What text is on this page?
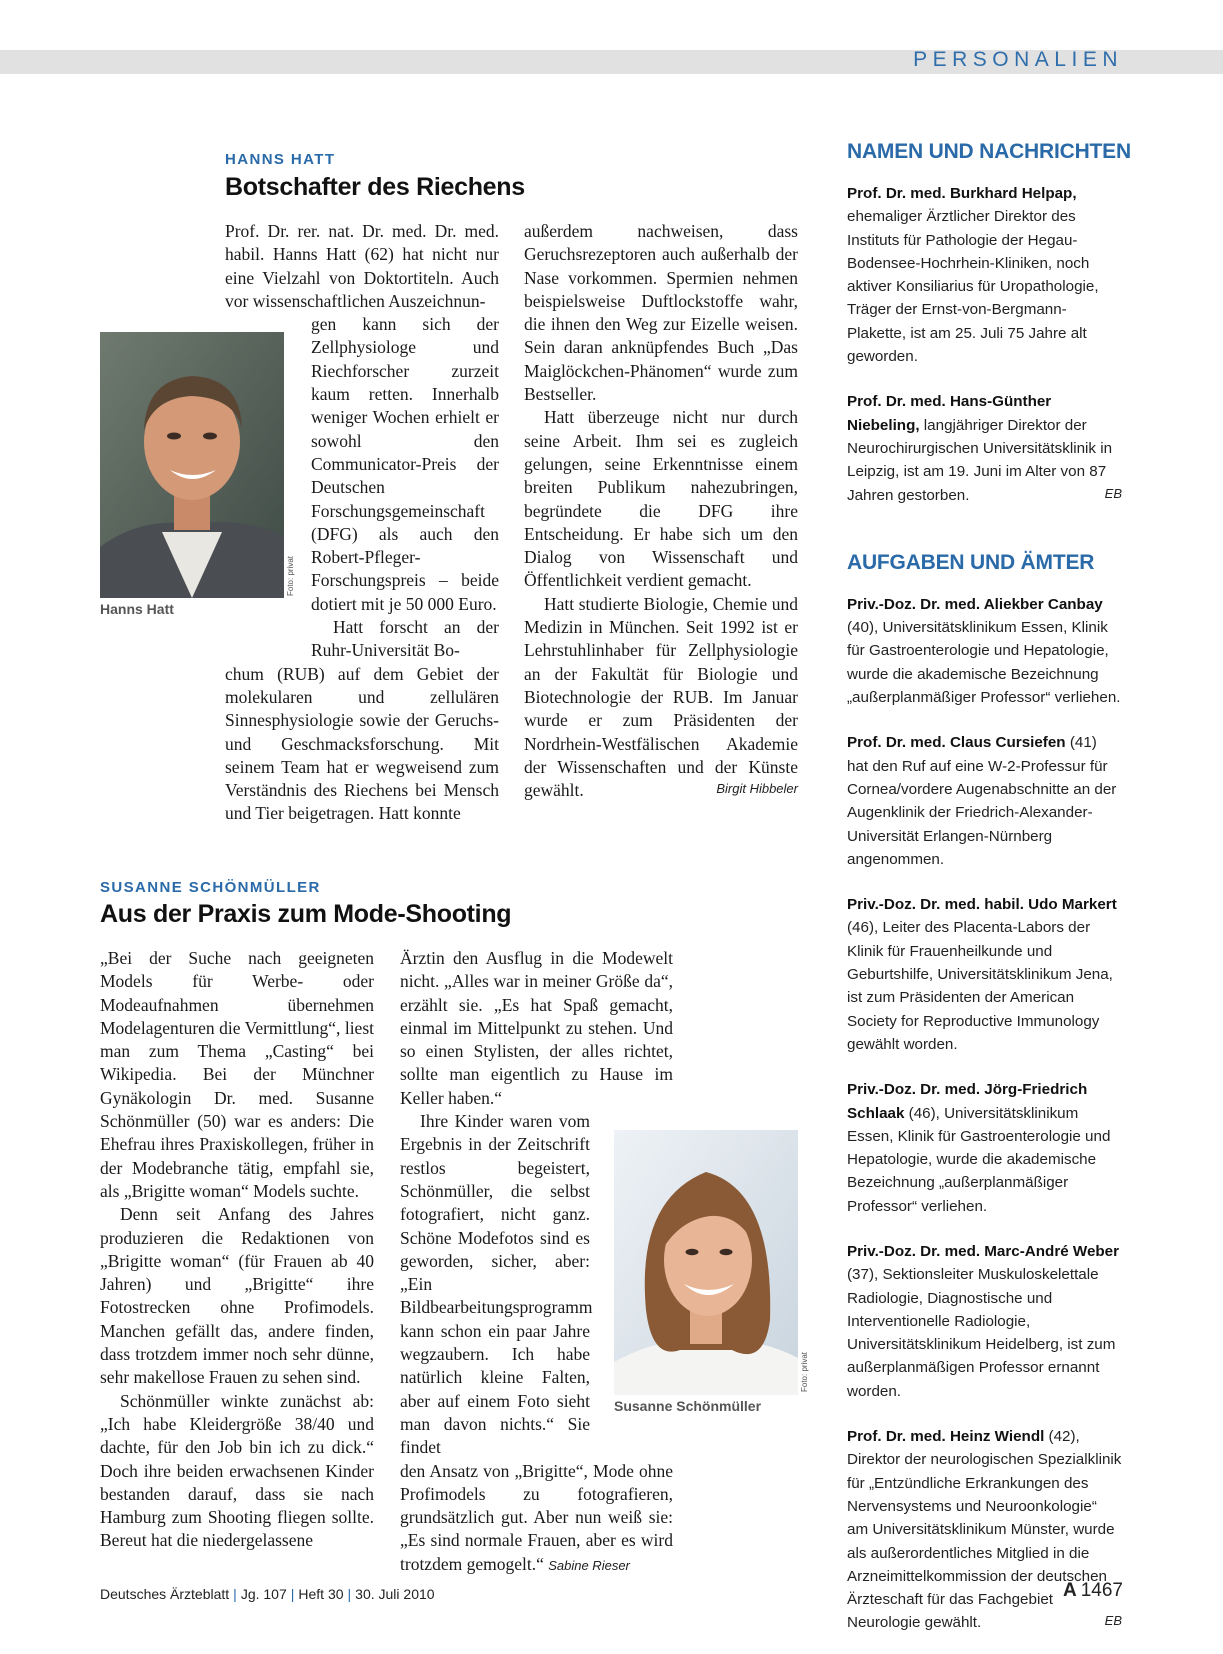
PERSONALIEN
HANNS HATT
Botschafter des Riechens

Prof. Dr. rer. nat. Dr. med. Dr. med. habil. Hanns Hatt (62) hat nicht nur eine Vielzahl von Doktortiteln. Auch vor wissenschaftlichen Auszeichnun-

gen kann sich der Zellphysiologe und Riechforscher zurzeit kaum retten. Innerhalb weniger Wochen erhielt er sowohl den Communicator-Preis der Deutschen Forschungsgemeinschaft (DFG) als auch den Robert-Pfleger-Forschungspreis – beide dotiert mit je 50 000 Euro.

Hatt forscht an der Ruhr-Universität Bo-

chum (RUB) auf dem Gebiet der molekularen und zellulären Sinnesphysiologie sowie der Geruchs- und Geschmacksforschung. Mit seinem Team hat er wegweisend zum Verständnis des Riechens bei Mensch und Tier beigetragen. Hatt konnte

außerdem nachweisen, dass Geruchsrezeptoren auch außerhalb der Nase vorkommen. Spermien nehmen beispielsweise Duftlockstoffe wahr, die ihnen den Weg zur Eizelle weisen. Sein daran anknüpfendes Buch „Das Maiglöckchen-Phänomen“ wurde zum Bestseller.

Hatt überzeuge nicht nur durch seine Arbeit. Ihm sei es zugleich gelungen, seine Erkenntnisse einem breiten Publikum nahezubringen, begründete die DFG ihre Entscheidung. Er habe sich um den Dialog von Wissenschaft und Öffentlichkeit verdient gemacht.

Hatt studierte Biologie, Chemie und Medizin in München. Seit 1992 ist er Lehrstuhlinhaber für Zellphysiologie an der Fakultät für Biologie und Biotechnologie der RUB. Im Januar wurde er zum Präsidenten der Nordrhein-Westfälischen Akademie der Wissenschaften und der Künste gewählt.	Birgit Hibbeler

Foto: privat
Hanns Hatt
SUSANNE SCHÖNMÜLLER
Aus der Praxis zum Mode-Shooting

„Bei der Suche nach geeigneten Models für Werbe- oder Modeaufnahmen übernehmen Modelagenturen die Vermittlung“, liest man zum Thema „Casting“ bei Wikipedia. Bei der Münchner Gynäkologin Dr. med. Susanne Schönmüller (50) war es anders: Die Ehefrau ihres Praxiskollegen, früher in der Modebranche tätig, empfahl sie, als „Brigitte woman“ Models suchte.

Denn seit Anfang des Jahres produzieren die Redaktionen von „Brigitte woman“ (für Frauen ab 40 Jahren) und „Brigitte“ ihre Fotostrecken ohne Profimodels. Manchen gefällt das, andere finden, dass trotzdem immer noch sehr dünne, sehr makellose Frauen zu sehen sind.

Schönmüller winkte zunächst ab: „Ich habe Kleidergröße 38/40 und dachte, für den Job bin ich zu dick.“ Doch ihre beiden erwachsenen Kinder bestanden darauf, dass sie nach Hamburg zum Shooting fliegen sollte. Bereut hat die niedergelassene

Ärztin den Ausflug in die Modewelt nicht. „Alles war in meiner Größe da“, erzählt sie. „Es hat Spaß gemacht, einmal im Mittelpunkt zu stehen. Und so einen Stylisten, der alles richtet, sollte man eigentlich zu Hause im Keller haben.“

Ihre Kinder waren vom Ergebnis in der Zeitschrift restlos begeistert, Schönmüller, die selbst fotografiert, nicht ganz. Schöne Modefotos sind es geworden, sicher, aber: „Ein Bildbearbeitungsprogramm kann schon ein paar Jahre wegzaubern. Ich habe natürlich kleine Falten, aber auf einem Foto sieht man davon nichts.“ Sie findet

den Ansatz von „Brigitte“, Mode ohne Profimodels zu fotografieren, grundsätzlich gut. Aber nun weiß sie: „Es sind normale Frauen, aber es wird trotzdem gemogelt.“ Sabine Rieser

Foto: privat
Susanne Schönmüller
NAMEN UND NACHRICHTEN

Prof. Dr. med. Burkhard Helpap, ehemaliger Ärztlicher Direktor des Instituts für Pathologie der Hegau-Bodensee-Hochrhein-Kliniken, noch aktiver Konsiliarius für Uropathologie, Träger der Ernst-von-Bergmann-Plakette, ist am 25. Juli 75 Jahre alt geworden.

Prof. Dr. med. Hans-Günther Niebeling, langjähriger Direktor der Neurochirurgischen Universitätsklinik in Leipzig, ist am 19. Juni im Alter von 87 Jahren gestorben.	EB

AUFGABEN UND ÄMTER

Priv.-Doz. Dr. med. Aliekber Canbay (40), Universitätsklinikum Essen, Klinik für Gastroenterologie und Hepatologie, wurde die akademische Bezeichnung „außerplanmäßiger Professor“ verliehen.

Prof. Dr. med. Claus Cursiefen (41) hat den Ruf auf eine W-2-Professur für Cornea/vordere Augenabschnitte an der Augenklinik der Friedrich-Alexander-Universität Erlangen-Nürnberg angenommen.

Priv.-Doz. Dr. med. habil. Udo Markert (46), Leiter des Placenta-Labors der Klinik für Frauenheilkunde und Geburtshilfe, Universitätsklinikum Jena, ist zum Präsidenten der American Society for Reproductive Immunology gewählt worden.

Priv.-Doz. Dr. med. Jörg-Friedrich Schlaak (46), Universitätsklinikum Essen, Klinik für Gastroenterologie und Hepatologie, wurde die akademische Bezeichnung „außerplanmäßiger Professor“ verliehen.

Priv.-Doz. Dr. med. Marc-André Weber (37), Sektionsleiter Muskuloskelettale Radiologie, Diagnostische und Interventionelle Radiologie, Universitätsklinikum Heidelberg, ist zum außerplanmäßigen Professor ernannt worden.

Prof. Dr. med. Heinz Wiendl (42), Direktor der neurologischen Spezialklinik für „Entzündliche Erkrankungen des Nervensystems und Neuroonkologie“ am Universitätsklinikum Münster, wurde als außerordentliches Mitglied in die Arzneimittelkommission der deutschen Ärzteschaft für das Fachgebiet Neurologie gewählt.	EB

Deutsches Ärzteblatt | Jg. 107 | Heft 30 | 30. Juli 2010	A 1467
